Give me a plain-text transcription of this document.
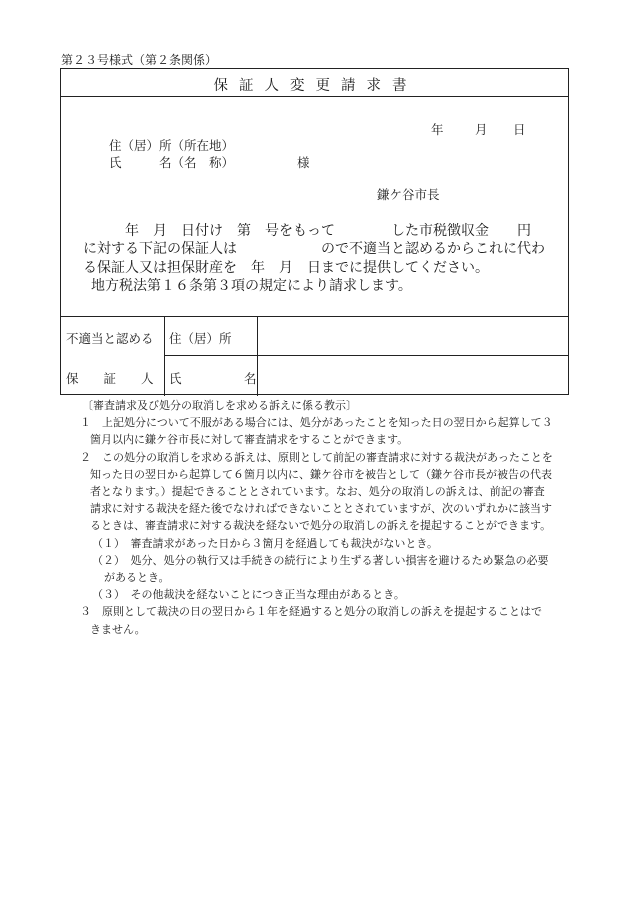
第２３号様式（第２条関係）
保証人変更請求書
年	月 日
住（居）所（所在地）
氏　　　名（名　称）	様
鎌ケ谷市長
年　月　日付け　第　号をもって　　　　した市税徴収金　　円
に対する下記の保証人は　　　　　　ので不適当と認めるからこれに代わ
る保証人又は担保財産を　年　月　日までに提供してください。
地方税法第１６条第３項の規定により請求します。
不適当と認める
保　　証　　人
住（居）所
氏　　　　　名
〔審査請求及び処分の取消しを求める訴えに係る教示〕
１　上記処分について不服がある場合には、処分があったことを知った日の翌日から起算して３
箇月以内に鎌ケ谷市長に対して審査請求をすることができます。
２　この処分の取消しを求める訴えは、原則として前記の審査請求に対する裁決があったことを
知った日の翌日から起算して６箇月以内に、鎌ケ谷市を被告として（鎌ケ谷市長が被告の代表
者となります。）提起できることとされています。なお、処分の取消しの訴えは、前記の審査
請求に対する裁決を経た後でなければできないこととされていますが、次のいずれかに該当す
るときは、審査請求に対する裁決を経ないで処分の取消しの訴えを提起することができます。
（１）　審査請求があった日から３箇月を経過しても裁決がないとき。
（２）　処分、処分の執行又は手続きの続行により生ずる著しい損害を避けるため緊急の必要
があるとき。
（３）　その他裁決を経ないことにつき正当な理由があるとき。
３　原則として裁決の日の翌日から１年を経過すると処分の取消しの訴えを提起することはで
きません。
